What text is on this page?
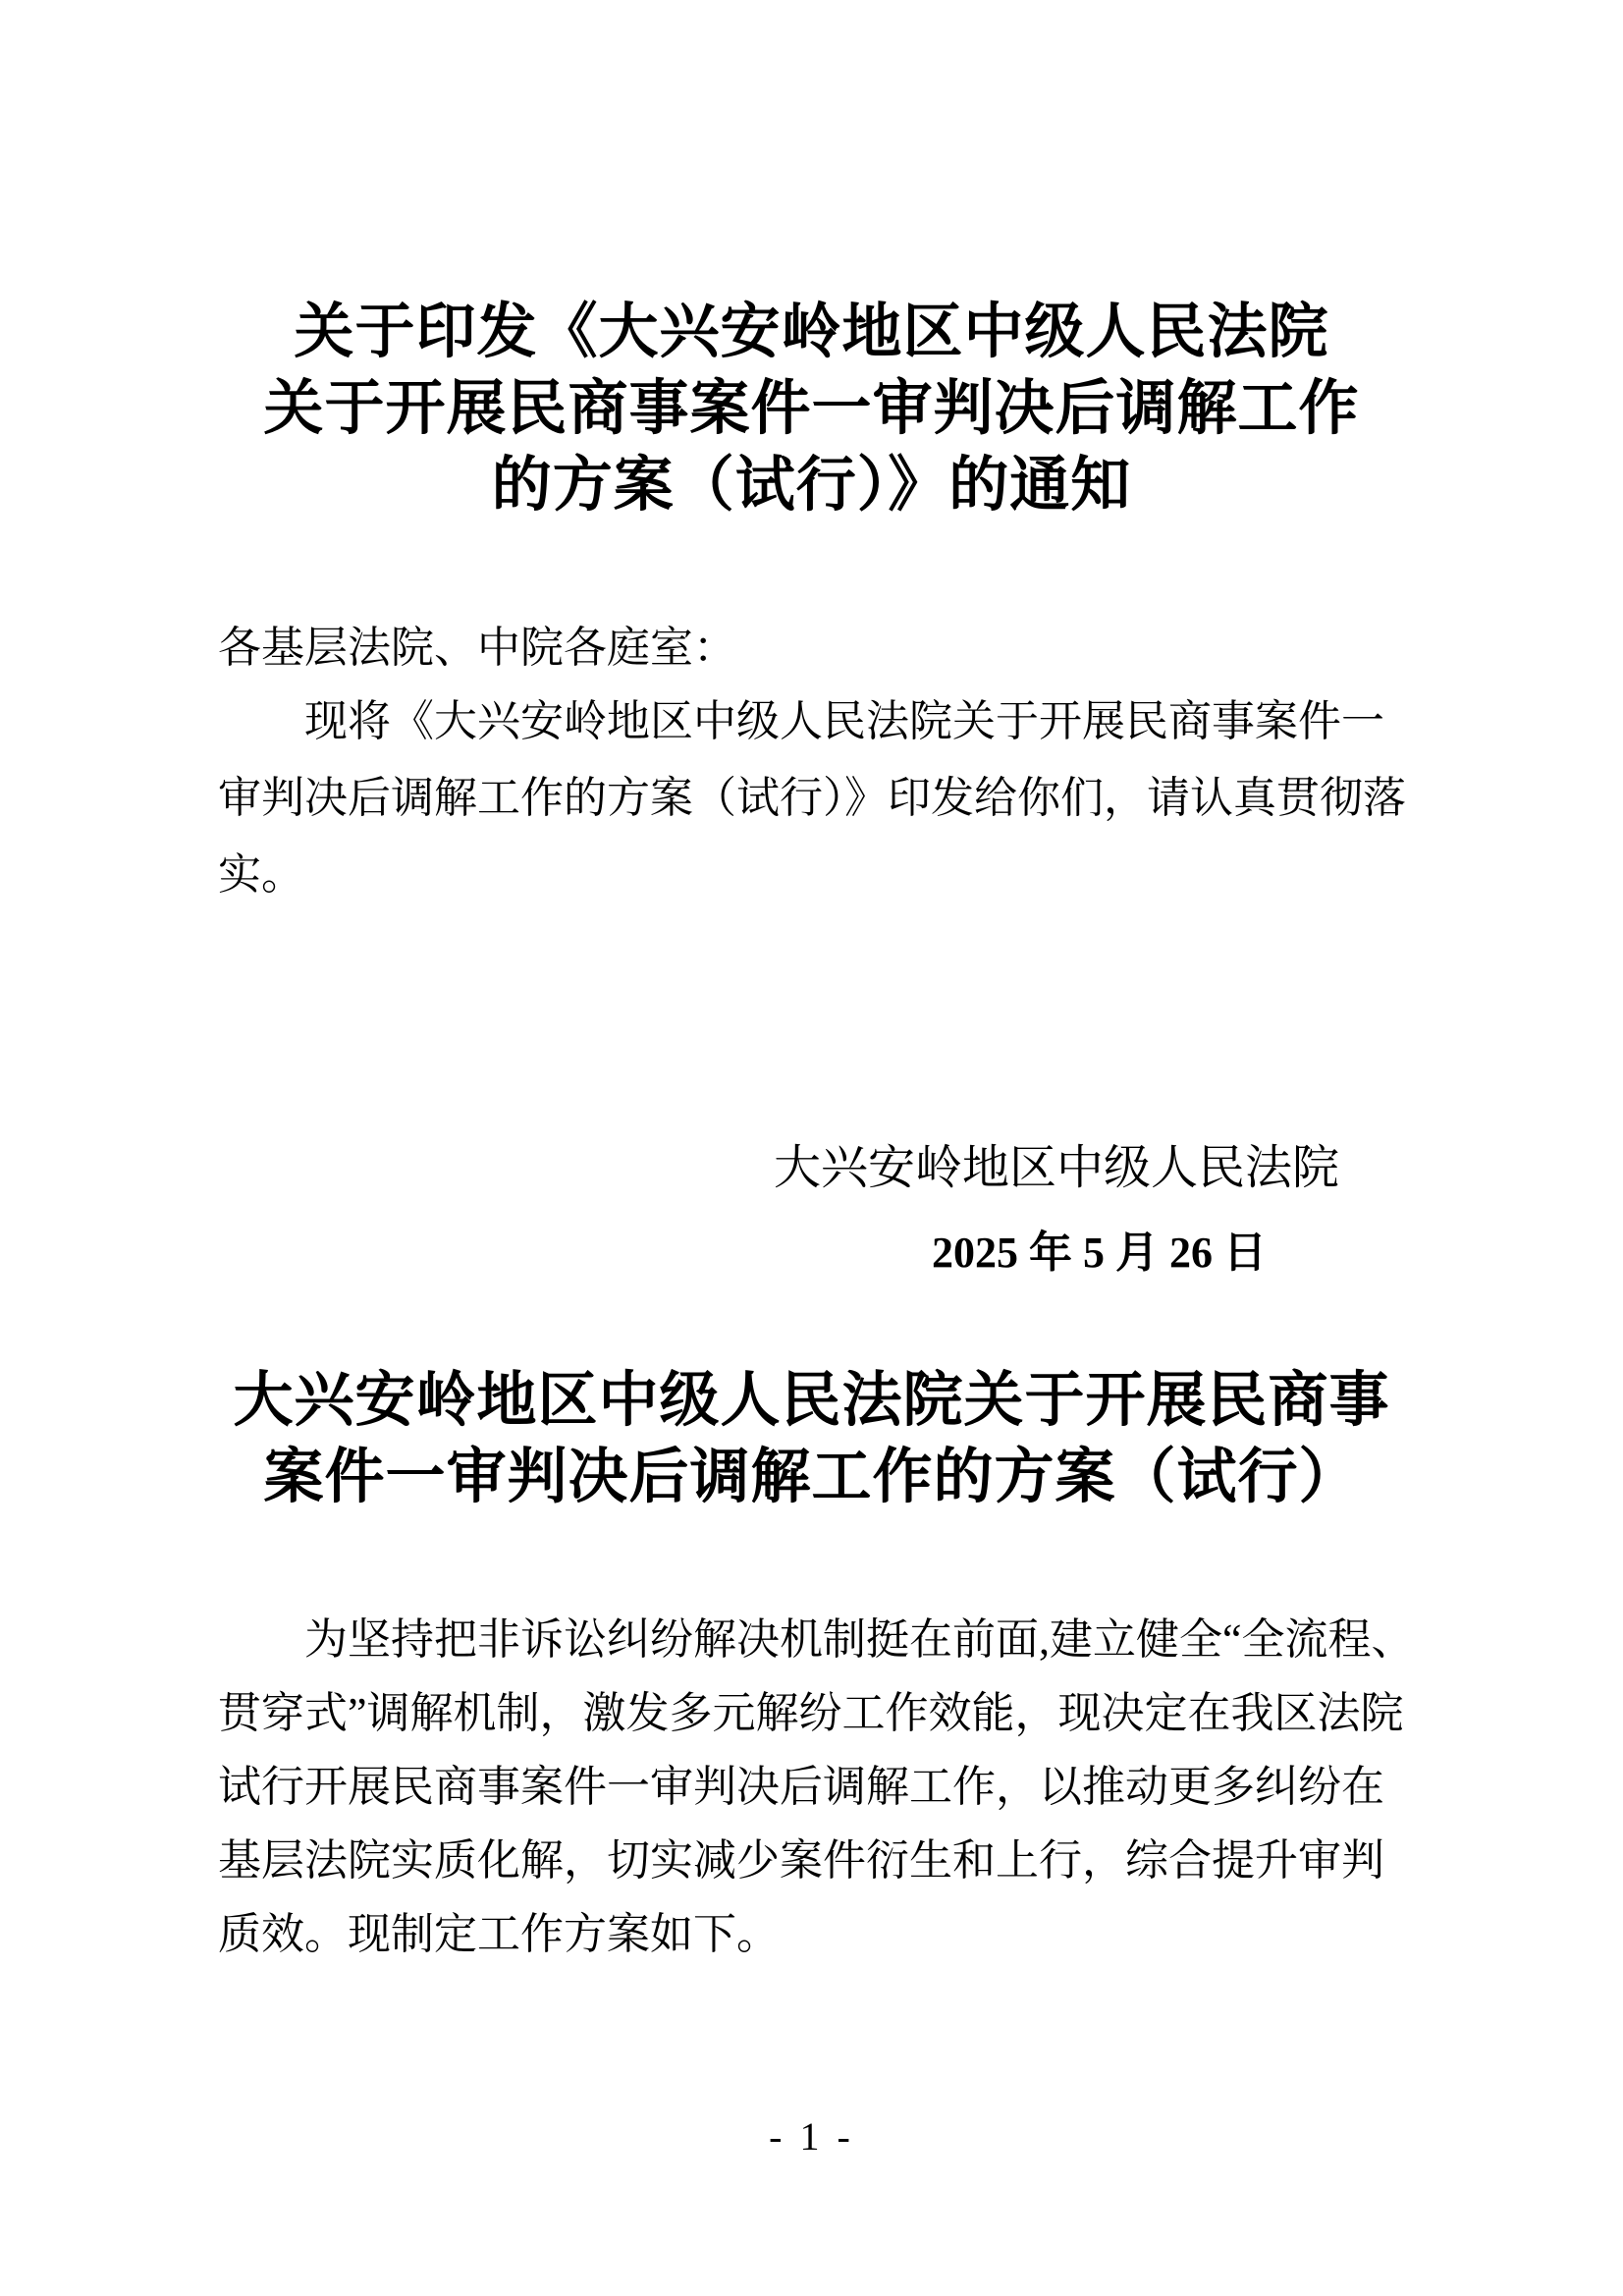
关于印发《大兴安岭地区中级人民法院
关于开展民商事案件一审判决后调解工作
的方案（试行）》的通知
各基层法院、中院各庭室：
现将《大兴安岭地区中级人民法院关于开展民商事案件一
审判决后调解工作的方案（试行）》印发给你们，请认真贯彻落
实。
大兴安岭地区中级人民法院
2025 年 5 月 26 日
大兴安岭地区中级人民法院关于开展民商事
案件一审判决后调解工作的方案（试行）
为坚持把非诉讼纠纷解决机制挺在前面,建立健全“全流程、
贯穿式”调解机制，激发多元解纷工作效能，现决定在我区法院
试行开展民商事案件一审判决后调解工作，以推动更多纠纷在
基层法院实质化解，切实减少案件衍生和上行，综合提升审判
质效。现制定工作方案如下。
- 1 -
